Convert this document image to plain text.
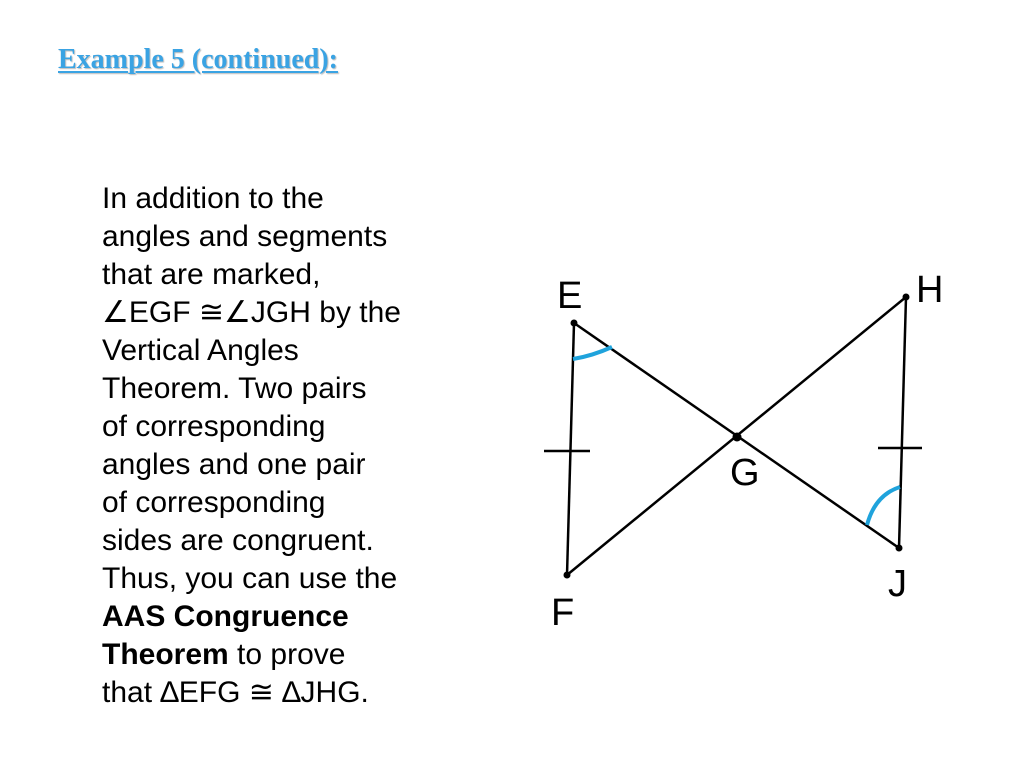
Example 5 (continued):
In addition to the
angles and segments
that are marked,
∠EGF ≅∠JGH by the
Vertical Angles
Theorem. Two pairs
of corresponding
angles and one pair
of corresponding
sides are congruent.
Thus, you can use the
AAS Congruence
Theorem to prove
that ∆EFG ≅ ∆JHG.
E	H
G
F
J
